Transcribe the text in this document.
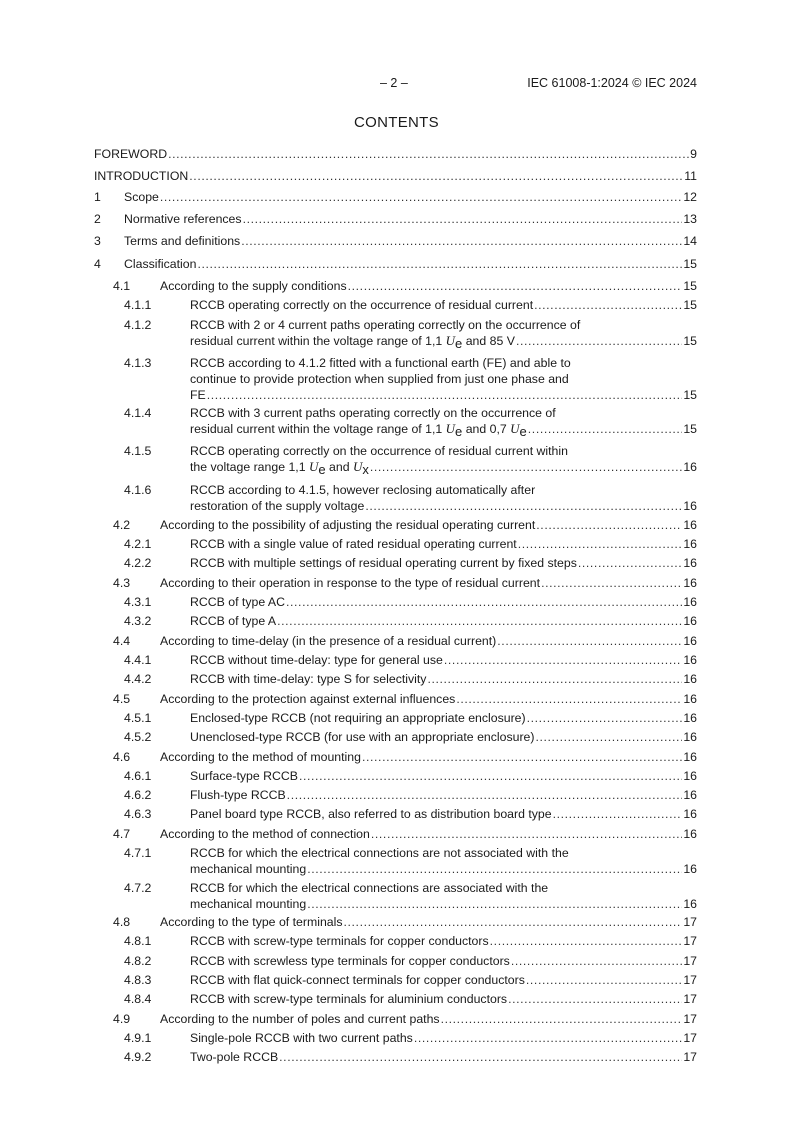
– 2 –	IEC 61008-1:2024 © IEC 2024
CONTENTS
FOREWORD .....	9
INTRODUCTION .....	11
1 Scope .....	12
2 Normative references .....	13
3 Terms and definitions .....	14
4 Classification .....	15
4.1 According to the supply conditions .....	15
4.1.1	RCCB operating correctly on the occurrence of residual current .....	15
4.1.2	RCCB with 2 or 4 current paths operating correctly on the occurrence of
residual current within the voltage range of 1,1 Ue and 85 V .....	15
4.1.3	RCCB according to 4.1.2 fitted with a functional earth (FE) and able to
continue to provide protection when supplied from just one phase and
FE .....	15
4.1.4	RCCB with 3 current paths operating correctly on the occurrence of
residual current within the voltage range of 1,1 Ue and 0,7 Ue .....	15
4.1.5	RCCB operating correctly on the occurrence of residual current within
the voltage range 1,1 Ue and Ux .....	16
4.1.6	RCCB according to 4.1.5, however reclosing automatically after
restoration of the supply voltage .....	16
4.2 According to the possibility of adjusting the residual operating current .....	16
4.2.1	RCCB with a single value of rated residual operating current .....	16
4.2.2	RCCB with multiple settings of residual operating current by fixed steps .....	16
4.3 According to their operation in response to the type of residual current .....	16
4.3.1	RCCB of type AC .....	16
4.3.2	RCCB of type A .....	16
4.4 According to time-delay (in the presence of a residual current) .....	16
4.4.1	RCCB without time-delay: type for general use .....	16
4.4.2	RCCB with time-delay: type S for selectivity .....	16
4.5 According to the protection against external influences .....	16
4.5.1	Enclosed-type RCCB (not requiring an appropriate enclosure) .....	16
4.5.2	Unenclosed-type RCCB (for use with an appropriate enclosure) .....	16
4.6 According to the method of mounting .....	16
4.6.1	Surface-type RCCB .....	16
4.6.2	Flush-type RCCB .....	16
4.6.3	Panel board type RCCB, also referred to as distribution board type .....	16
4.7 According to the method of connection .....	16
4.7.1	RCCB for which the electrical connections are not associated with the
mechanical mounting .....	16
4.7.2	RCCB for which the electrical connections are associated with the
mechanical mounting .....	16
4.8 According to the type of terminals .....	17
4.8.1	RCCB with screw-type terminals for copper conductors .....	17
4.8.2	RCCB with screwless type terminals for copper conductors .....	17
4.8.3	RCCB with flat quick-connect terminals for copper conductors .....	17
4.8.4	RCCB with screw-type terminals for aluminium conductors .....	17
4.9 According to the number of poles and current paths .....	17
4.9.1	Single-pole RCCB with two current paths .....	17
4.9.2	Two-pole RCCB .....	17
